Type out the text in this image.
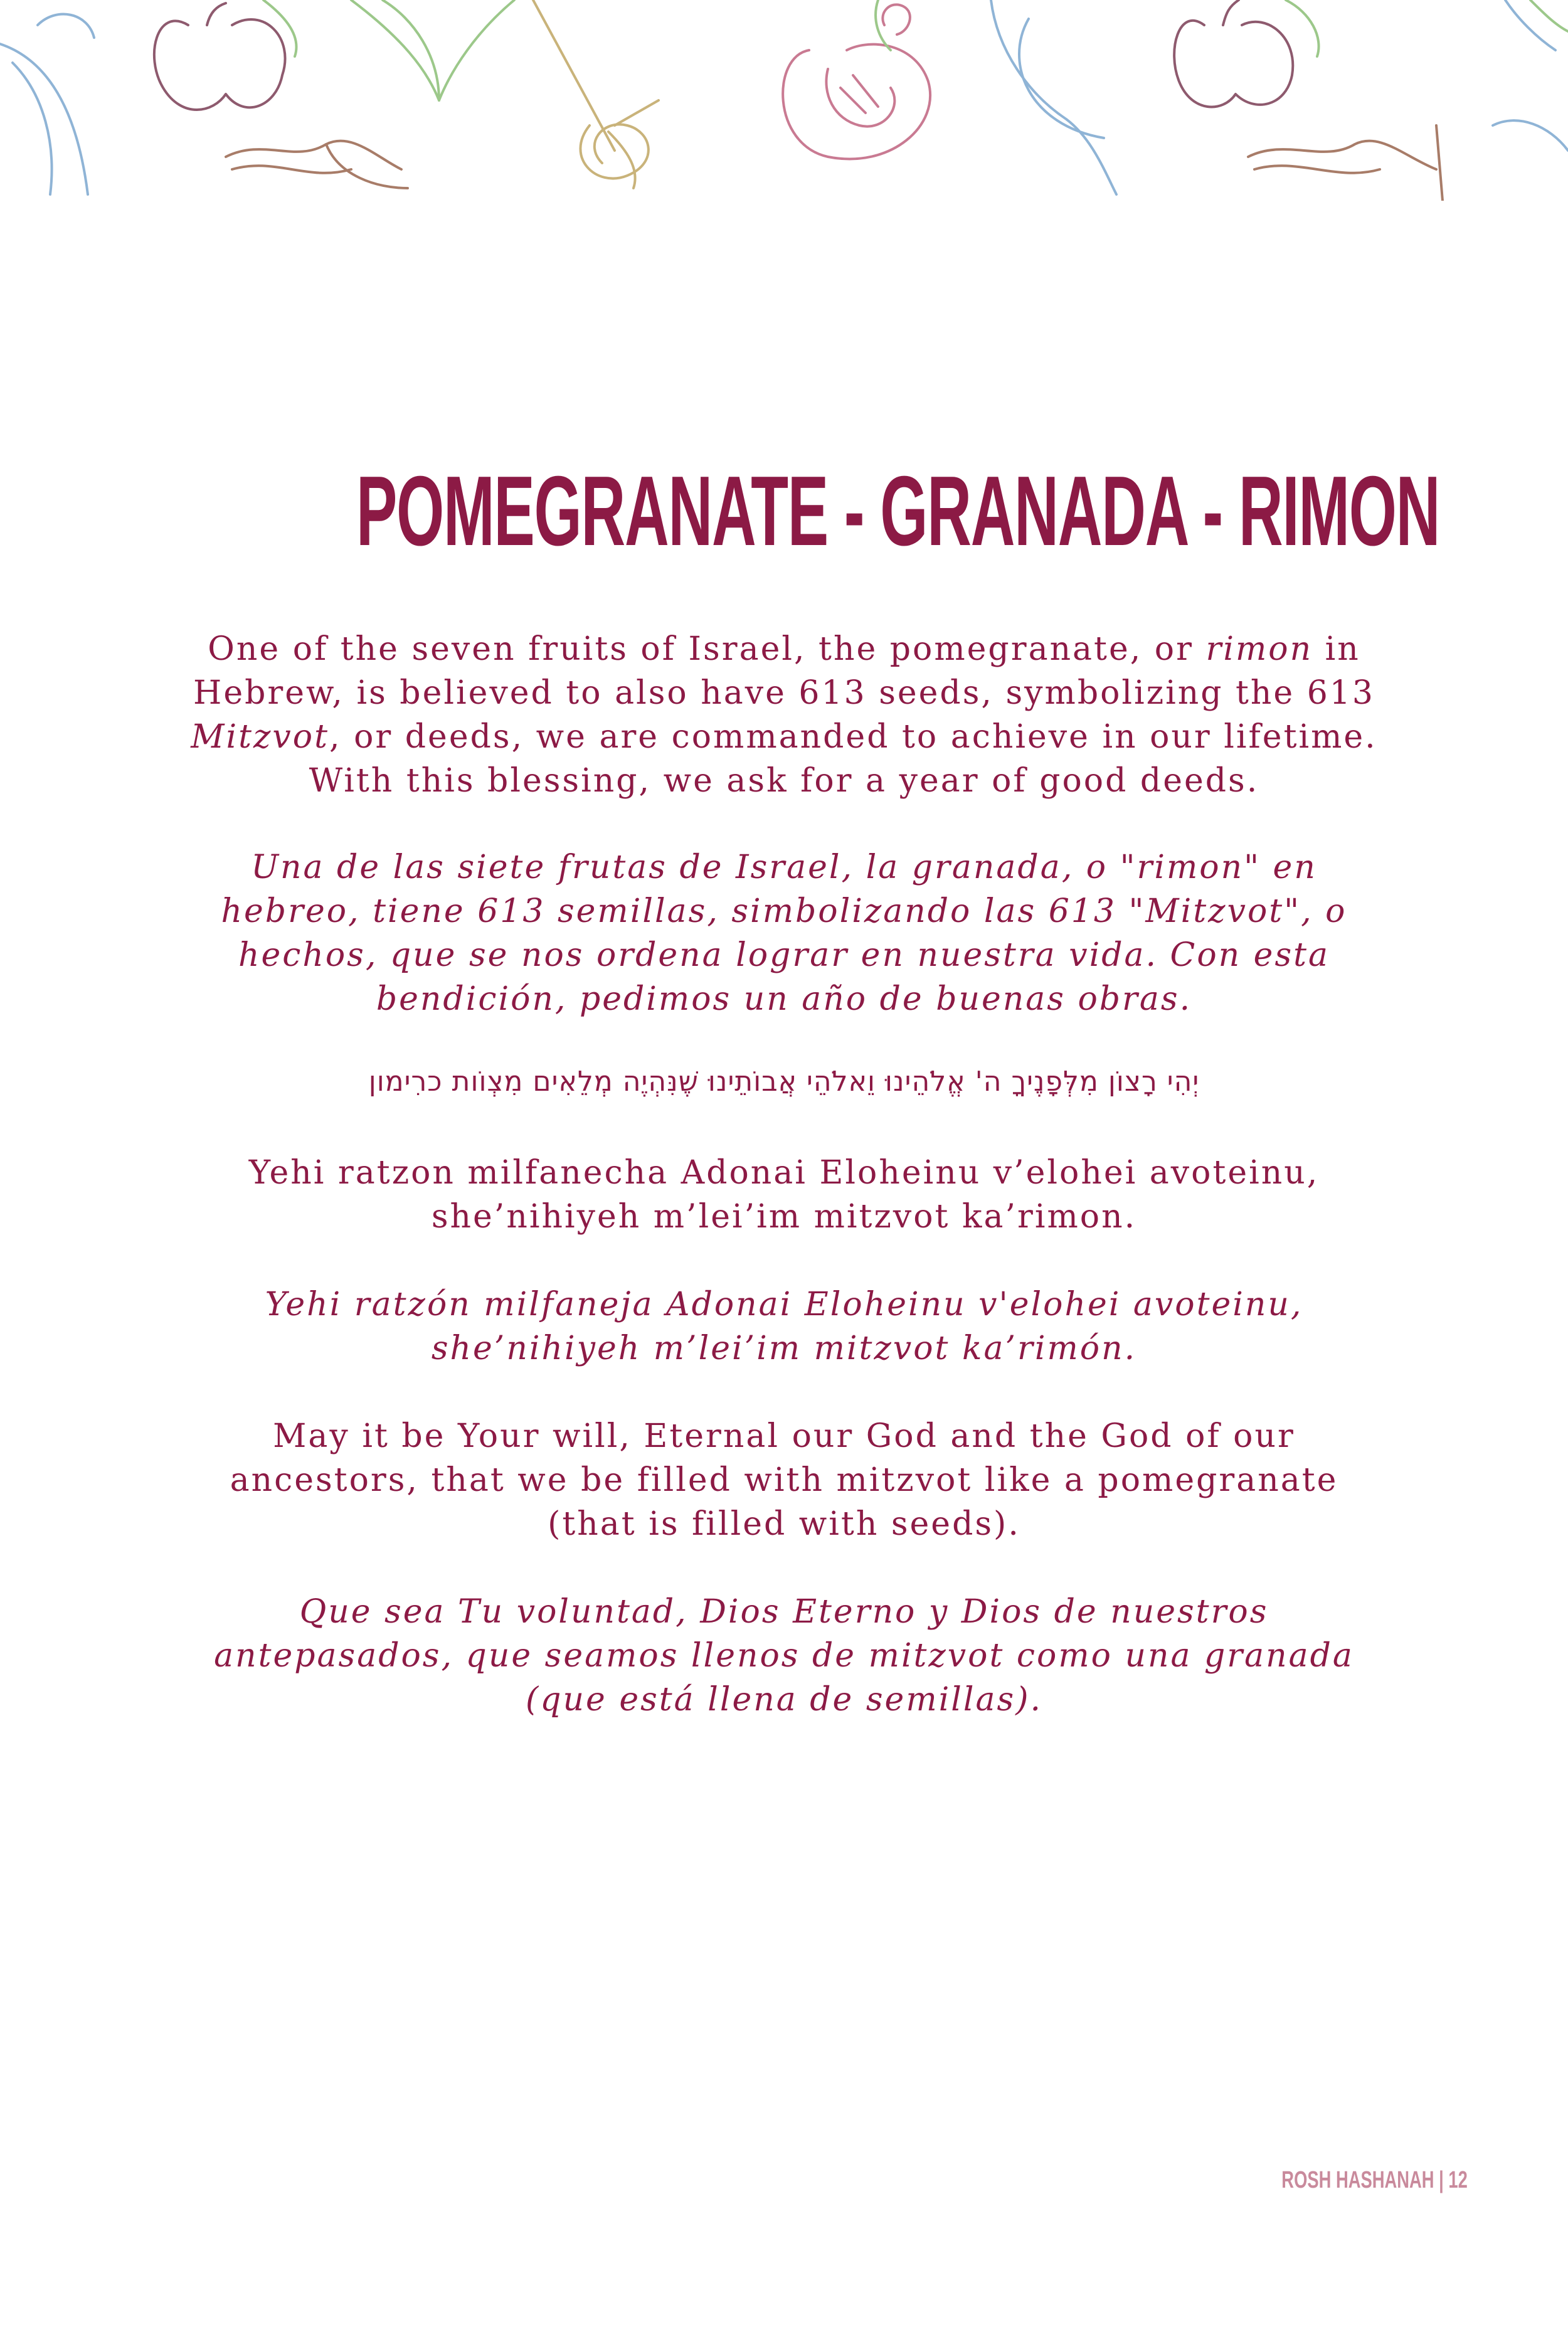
POMEGRANATE - GRANADA - RIMON

One of the seven fruits of Israel, the pomegranate, or rimon in Hebrew, is believed to also have 613 seeds, symbolizing the 613 Mitzvot, or deeds, we are commanded to achieve in our lifetime. With this blessing, we ask for a year of good deeds.

Una de las siete frutas de Israel, la granada, o "rimon" en hebreo, tiene 613 semillas, simbolizando las 613 "Mitzvot", o hechos, que se nos ordena lograr en nuestra vida. Con esta bendición, pedimos un año de buenas obras.

יְהִי רָצוֹן מִלְּפָנֶיךָ ה' אֱלֹהֵינוּ וֵאלֹהֵי אֲבוֹתֵינוּ שֶׁנִּהְיֶה מְלֵאִים מִצְוֹות כרִימון

Yehi ratzon milfanecha Adonai Eloheinu v’elohei avoteinu,
she’nihiyeh m’lei’im mitzvot ka’rimon.

Yehi ratzón milfaneja Adonai Eloheinu v'elohei avoteinu,
she’nihiyeh m’lei’im mitzvot ka’rimón.

May it be Your will, Eternal our God and the God of our ancestors, that we be filled with mitzvot like a pomegranate (that is filled with seeds).

Que sea Tu voluntad, Dios Eterno y Dios de nuestros antepasados, que seamos llenos de mitzvot como una granada (que está llena de semillas).

ROSH HASHANAH | 12
